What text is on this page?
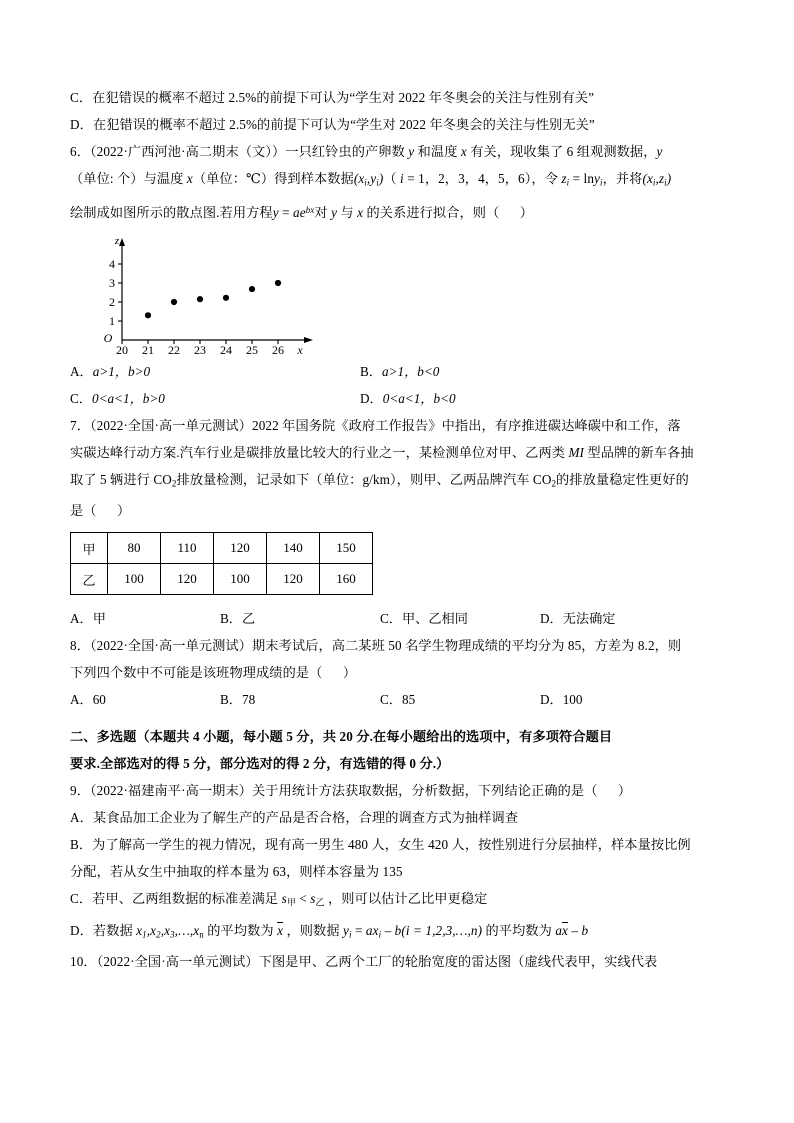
C．在犯错误的概率不超过 2.5%的前提下可认为“学生对 2022 年冬奥会的关注与性别有关”
D．在犯错误的概率不超过 2.5%的前提下可认为“学生对 2022 年冬奥会的关注与性别无关”
6．（2022·广西河池·高二期末（文））一只红铃虫的产卵数 y 和温度 x 有关，现收集了 6 组观测数据，y
（单位: 个）与温度 x（单位：℃）得到样本数据$(x_i,y_i)$（ i = 1，2，3，4，5，6），令 $z_i = \ln y_i$，并将$(x_i,z_i)$
绘制成如图所示的散点图.若用方程$y = ae^{bx}$对 y 与 x 的关系进行拟合，则（      ）
1
2
3
4
20 21 22 23 24 25 26
z
x
O
A．a>1，b>0	B．a>1，b<0
C．0<a<1，b>0	D．0<a<1，b<0
7．（2022·全国·高一单元测试）2022 年国务院《政府工作报告》中指出，有序推进碳达峰碳中和工作，落
实碳达峰行动方案.汽车行业是碳排放量比较大的行业之一，某检测单位对甲、乙两类 MI 型品牌的新车各抽
取了 5 辆进行 $CO_2$排放量检测，记录如下（单位：g/km），则甲、乙两品牌汽车 $CO_2$的排放量稳定性更好的
是（      ）
甲	80	110	120	140	150
乙	100	120	100	120	160
A．甲	B．乙	C．甲、乙相同	D．无法确定
8．（2022·全国·高一单元测试）期末考试后，高二某班 50 名学生物理成绩的平均分为 85，方差为 8.2，则
下列四个数中不可能是该班物理成绩的是（      ）
A．60	B．78	C．85	D．100
二、多选题（本题共 4 小题，每小题 5 分，共 20 分.在每小题给出的选项中，有多项符合题目
要求.全部选对的得 5 分，部分选对的得 2 分，有选错的得 0 分.）
9．（2022·福建南平·高一期末）关于用统计方法获取数据，分析数据，下列结论正确的是（      ）
A．某食品加工企业为了解生产的产品是否合格，合理的调查方式为抽样调查
B．为了解高一学生的视力情况，现有高一男生 480 人，女生 420 人，按性别进行分层抽样，样本量按比例
分配，若从女生中抽取的样本量为 63，则样本容量为 135
C．若甲、乙两组数据的标准差满足 $s_甲 < s_乙$ ，则可以估计乙比甲更稳定
D．若数据 $x_1,x_2,x_3,\dots,x_n$ 的平均数为 $\overline{x}$ ，则数据 $y_i = ax_i - b(i$ = 1,2,3,…,n) 的平均数为 $a\overline{x}$ – b
10．（2022·全国·高一单元测试）下图是甲、乙两个工厂的轮胎宽度的雷达图（虚线代表甲，实线代表
